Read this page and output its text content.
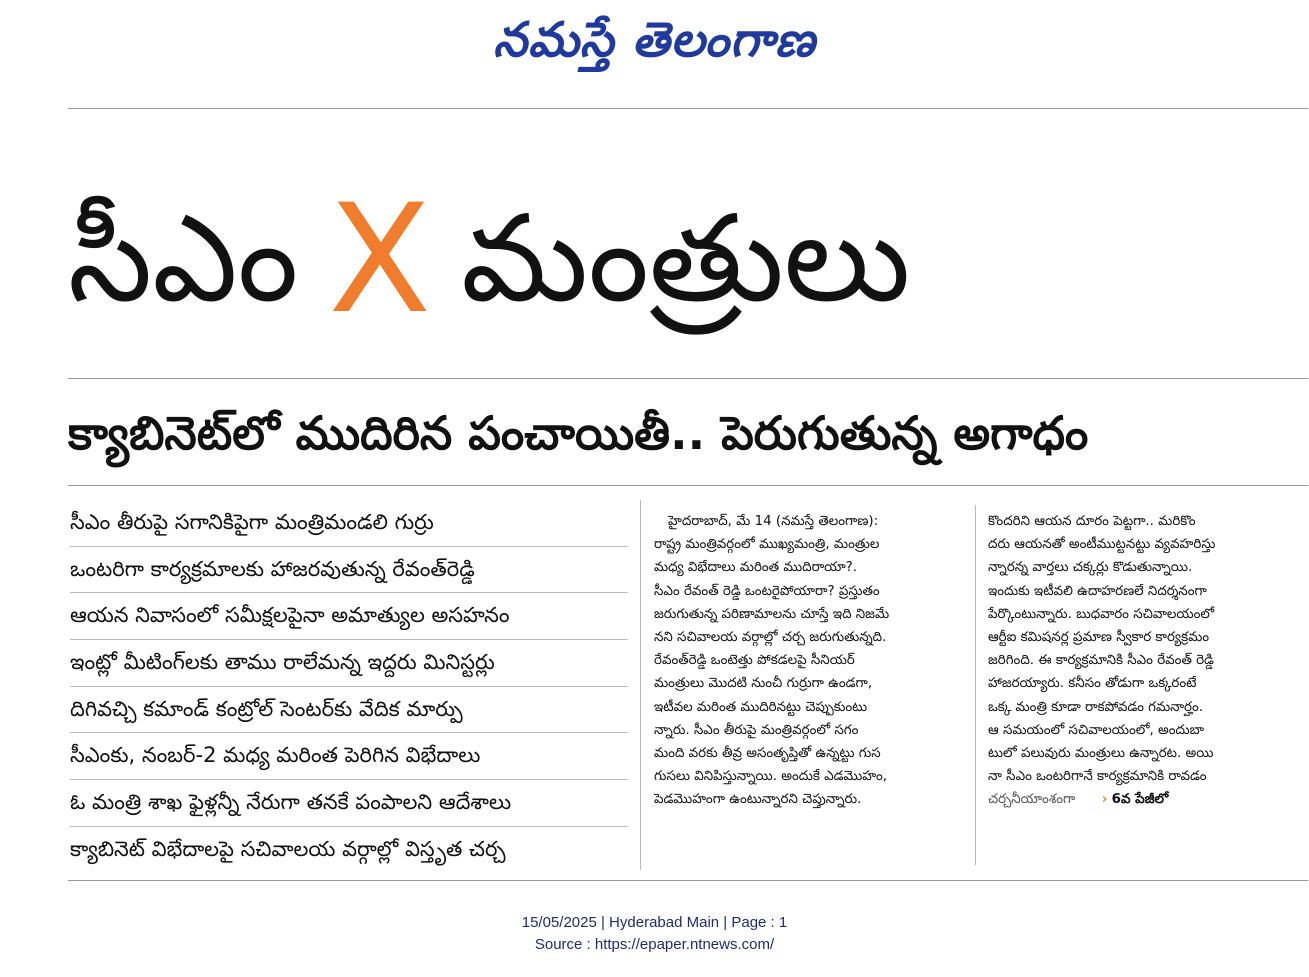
నమస్తే తెలంగాణ
సీఎం X మంత్రులు
క్యాబినెట్‌లో ముదిరిన పంచాయితీ.. పెరుగుతున్న అగాధం
సీఎం తీరుపై సగానికిపైగా మంత్రిమండలి గుర్రు
ఒంటరిగా కార్యక్రమాలకు హాజరవుతున్న రేవంత్‌రెడ్డి
ఆయన నివాసంలో సమీక్షలపైనా అమాత్యుల అసహనం
ఇంట్లో మీటింగ్‌లకు తాము రాలేమన్న ఇద్దరు మినిస్టర్లు
దిగివచ్చి కమాండ్‌ కంట్రోల్‌ సెంటర్‌కు వేదిక మార్పు
సీఎంకు, నంబర్‌-2 మధ్య మరింత పెరిగిన విభేదాలు
ఓ మంత్రి శాఖ ఫైళ్లన్నీ నేరుగా తనకే పంపాలని ఆదేశాలు
క్యాబినెట్‌ విభేదాలపై సచివాలయ వర్గాల్లో విస్తృత చర్చ
హైదరాబాద్‌, మే 14 (నమస్తే తెలంగాణ):
రాష్ట్ర మంత్రివర్గంలో ముఖ్యమంత్రి, మంత్రుల
మధ్య విభేదాలు మరింత ముదిరాయా?.
సీఎం రేవంత్‌ రెడ్డి ఒంటరైపోయారా? ప్రస్తుతం
జరుగుతున్న పరిణామాలను చూస్తే ఇది నిజమే
నని సచివాలయ వర్గాల్లో చర్చ జరుగుతున్నది.
రేవంత్‌రెడ్డి ఒంటెత్తు పోకడలపై సీనియర్‌
మంత్రులు మొదటి నుంచీ గుర్రుగా ఉండగా,
ఇటీవల మరింత ముదిరినట్టు చెప్పుకుంటు
న్నారు. సీఎం తీరుపై మంత్రివర్గంలో సగం
మంది వరకు తీవ్ర అసంతృప్తితో ఉన్నట్టు గుస
గుసలు వినిపిస్తున్నాయి. అందుకే ఎడమొహం,
పెడమొహంగా ఉంటున్నారని చెప్తున్నారు.
కొందరిని ఆయన దూరం పెట్టగా.. మరికొం
దరు ఆయనతో అంటీముట్టనట్టు వ్యవహరిస్తు
న్నారన్న వార్తలు చక్కర్లు కొడుతున్నాయి.
ఇందుకు ఇటీవలి ఉదాహరణలే నిదర్శనంగా
పేర్కొంటున్నారు. బుధవారం సచివాలయంలో
ఆర్టీఐ కమిషనర్ల ప్రమాణ స్వీకార కార్యక్రమం
జరిగింది. ఈ కార్యక్రమానికి సీఎం రేవంత్‌ రెడ్డి
హాజరయ్యారు. కనీసం తోడుగా ఒక్కరంటే
ఒక్క మంత్రి కూడా రాకపోవడం గమనార్హం.
ఆ సమయంలో సచివాలయంలో, అందుబా
టులో పలువురు మంత్రులు ఉన్నారట. అయి
నా సీఎం ఒంటరిగానే కార్యక్రమానికి రావడం
చర్చనీయాంశంగా › 6వ పేజీలో
15/05/2025 | Hyderabad Main | Page : 1
Source : https://epaper.ntnews.com/
